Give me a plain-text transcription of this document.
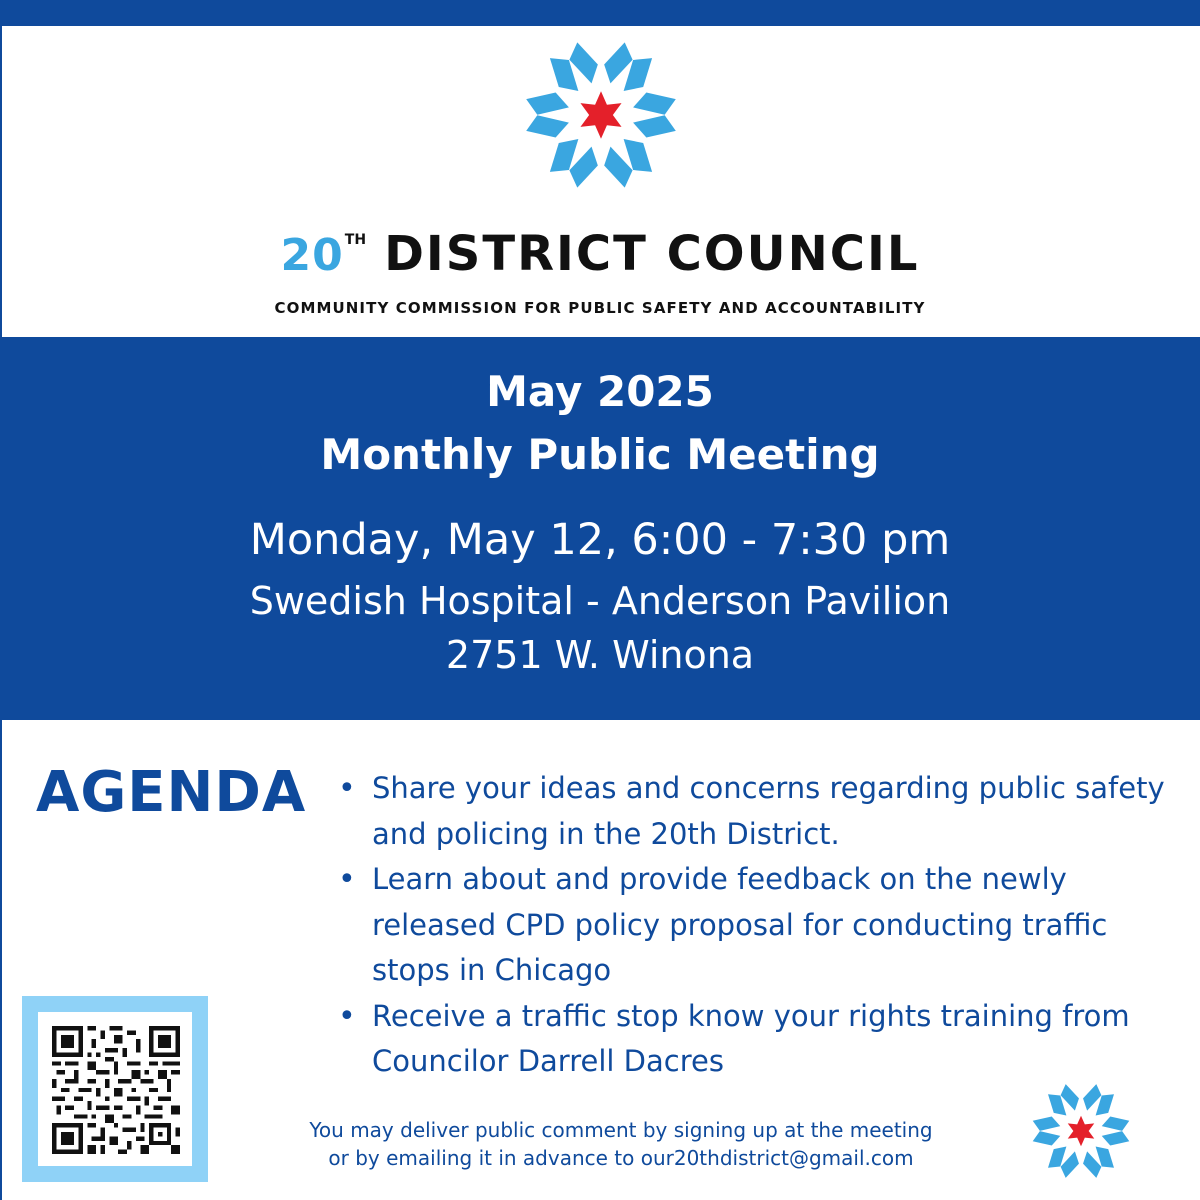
20TH DISTRICT COUNCIL
COMMUNITY COMMISSION FOR PUBLIC SAFETY AND ACCOUNTABILITY
May 2025
Monthly Public Meeting
Monday, May 12, 6:00 - 7:30 pm
Swedish Hospital - Anderson Pavilion
2751 W. Winona
AGENDA
•	Share your ideas and concerns regarding public safety and policing in the 20th District.
• Learn about and provide feedback on the newly released CPD policy proposal for conducting traffic stops in Chicago
• Receive a traffic stop know your rights training from Councilor Darrell Dacres
You may deliver public comment by signing up at the meeting
or by emailing it in advance to our20thdistrict@gmail.com
